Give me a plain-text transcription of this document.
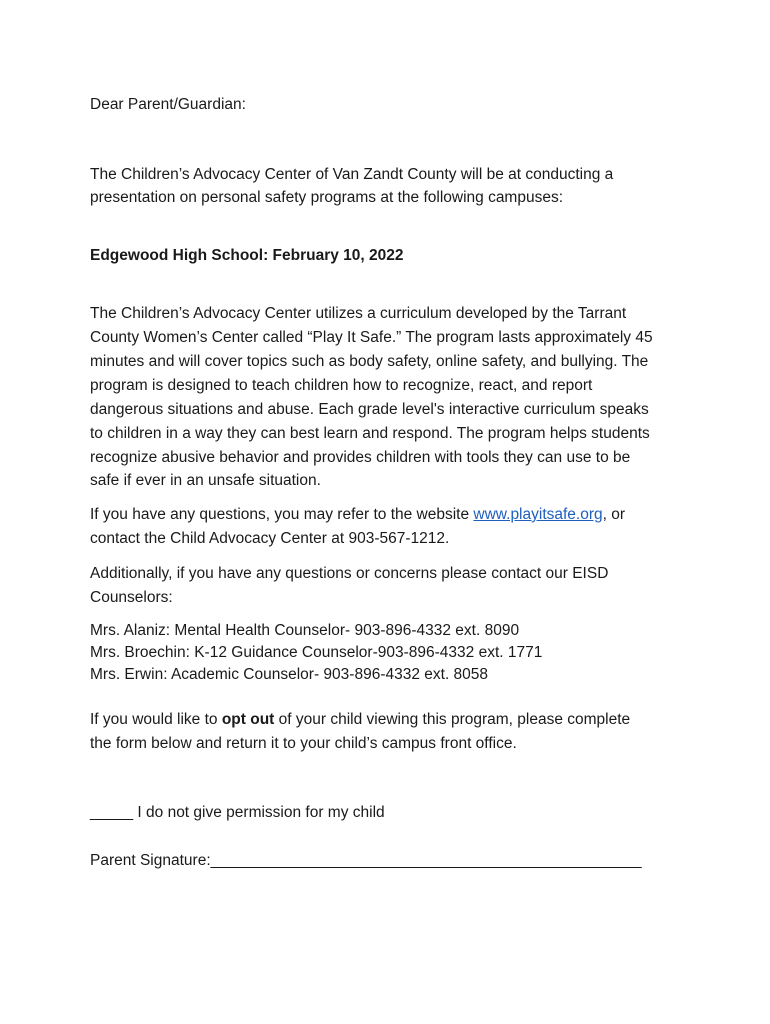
Dear Parent/Guardian:
The Children’s Advocacy Center of Van Zandt County will be at conducting a
presentation on personal safety programs at the following campuses:
Edgewood High School: February 10, 2022
The Children’s Advocacy Center utilizes a curriculum developed by the Tarrant
County Women’s Center called “Play It Safe.” The program lasts approximately 45
minutes and will cover topics such as body safety, online safety, and bullying. The
program is designed to teach children how to recognize, react, and report
dangerous situations and abuse. Each grade level's interactive curriculum speaks
to children in a way they can best learn and respond. The program helps students
recognize abusive behavior and provides children with tools they can use to be
safe if ever in an unsafe situation.
If you have any questions, you may refer to the website www.playitsafe.org, or
contact the Child Advocacy Center at 903-567-1212.
Additionally, if you have any questions or concerns please contact our EISD
Counselors:
Mrs. Alaniz: Mental Health Counselor- 903-896-4332 ext. 8090
Mrs. Broechin: K-12 Guidance Counselor-903-896-4332 ext. 1771
Mrs. Erwin: Academic Counselor- 903-896-4332 ext. 8058
If you would like to opt out of your child viewing this program, please complete
the form below and return it to your child’s campus front office.
_____ I do not give permission for my child
Parent Signature:__________________________________________________
